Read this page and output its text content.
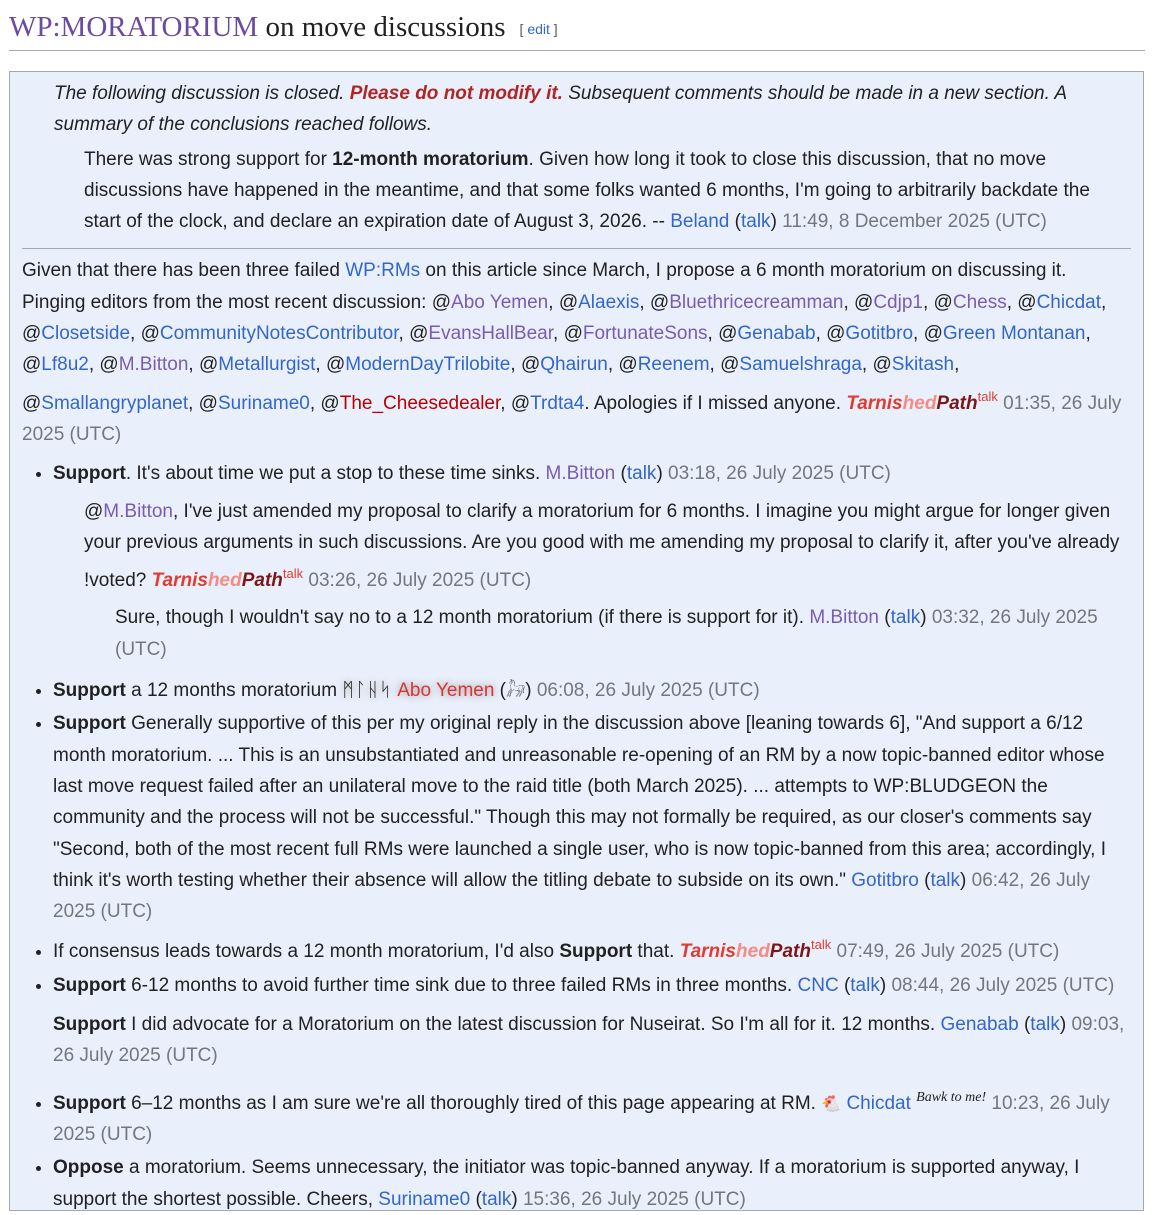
WP:MORATORIUM on move discussions [ edit ]

The following discussion is closed. Please do not modify it. Subsequent comments should be made in a new section. A summary of the conclusions reached follows.

There was strong support for 12-month moratorium. Given how long it took to close this discussion, that no move discussions have happened in the meantime, and that some folks wanted 6 months, I'm going to arbitrarily backdate the start of the clock, and declare an expiration date of August 3, 2026. -- Beland (talk) 11:49, 8 December 2025 (UTC)

Given that there has been three failed WP:RMs on this article since March, I propose a 6 month moratorium on discussing it. Pinging editors from the most recent discussion: @Abo Yemen, @Alaexis, @Bluethricecreamman, @Cdjp1, @Chess, @Chicdat, @Closetside, @CommunityNotesContributor, @EvansHallBear, @FortunateSons, @Genabab, @Gotitbro, @Green Montanan, @Lf8u2, @M.Bitton, @Metallurgist, @ModernDayTrilobite, @Qhairun, @Reenem, @Samuelshraga, @Skitash, @Smallangryplanet, @Suriname0, @The_Cheesedealer, @Trdta4. Apologies if I missed anyone. TarnishedPath$^{talk}$ 01:35, 26 July 2025 (UTC)

• Support. It's about time we put a stop to these time sinks. M.Bitton (talk) 03:18, 26 July 2025 (UTC)
@M.Bitton, I've just amended my proposal to clarify a moratorium for 6 months. I imagine you might argue for longer given your previous arguments in such discussions. Are you good with me amending my proposal to clarify it, after you've already !voted? TarnishedPath$^{talk}$ 03:26, 26 July 2025 (UTC)
Sure, though I wouldn't say no to a 12 month moratorium (if there is support for it). M.Bitton (talk) 03:32, 26 July 2025 (UTC)
• Support a 12 months moratorium ᛗᛚᚺᛋ Abo Yemen (𓃗) 06:08, 26 July 2025 (UTC)
• Support Generally supportive of this per my original reply in the discussion above [leaning towards 6], "And support a 6/12 month moratorium. ... This is an unsubstantiated and unreasonable re-opening of an RM by a now topic-banned editor whose last move request failed after an unilateral move to the raid title (both March 2025). ... attempts to WP:BLUDGEON the community and the process will not be successful." Though this may not formally be required, as our closer's comments say "Second, both of the most recent full RMs were launched a single user, who is now topic-banned from this area; accordingly, I think it's worth testing whether their absence will allow the titling debate to subside on its own." Gotitbro (talk) 06:42, 26 July 2025 (UTC)
• If consensus leads towards a 12 month moratorium, I'd also Support that. TarnishedPath$^{talk}$ 07:49, 26 July 2025 (UTC)
• Support 6-12 months to avoid further time sink due to three failed RMs in three months. CNC (talk) 08:44, 26 July 2025 (UTC)
Support I did advocate for a Moratorium on the latest discussion for Nuseirat. So I'm all for it. 12 months. Genabab (talk) 09:03, 26 July 2025 (UTC)
• Support 6–12 months as I am sure we're all thoroughly tired of this page appearing at RM. 🐔 Chicdat $^{Bawk to me!}$ 10:23, 26 July 2025 (UTC)
• Oppose a moratorium. Seems unnecessary, the initiator was topic-banned anyway. If a moratorium is supported anyway, I support the shortest possible. Cheers, Suriname0 (talk) 15:36, 26 July 2025 (UTC)
